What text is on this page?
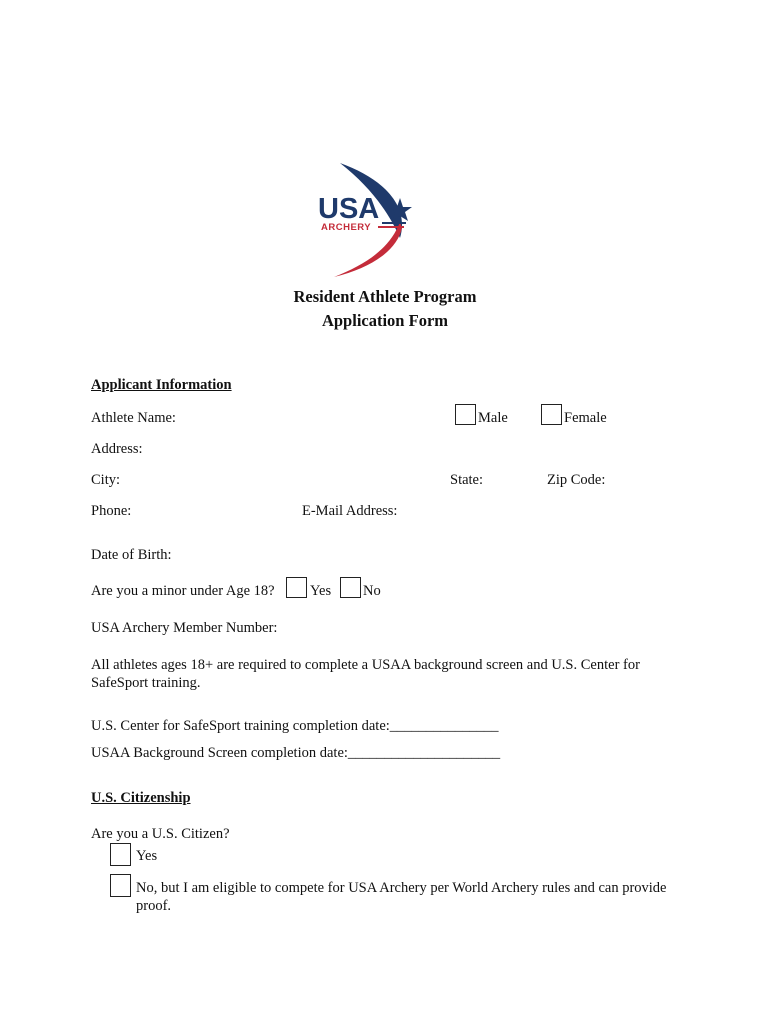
USA
ARCHERY
Resident Athlete Program
Application Form
Applicant Information
Athlete Name:	Male	Female
Address:
City:	State:	Zip Code:
Phone:	E-Mail Address:
Date of Birth:
Are you a minor under Age 18? Yes No
USA Archery Member Number:
All athletes ages 18+ are required to complete a USAA background screen and U.S. Center for SafeSport training.
U.S. Center for SafeSport training completion date:_______________
USAA Background Screen completion date:_____________________
U.S. Citizenship
Are you a U.S. Citizen?
Yes
No, but I am eligible to compete for USA Archery per World Archery rules and can provide proof.
